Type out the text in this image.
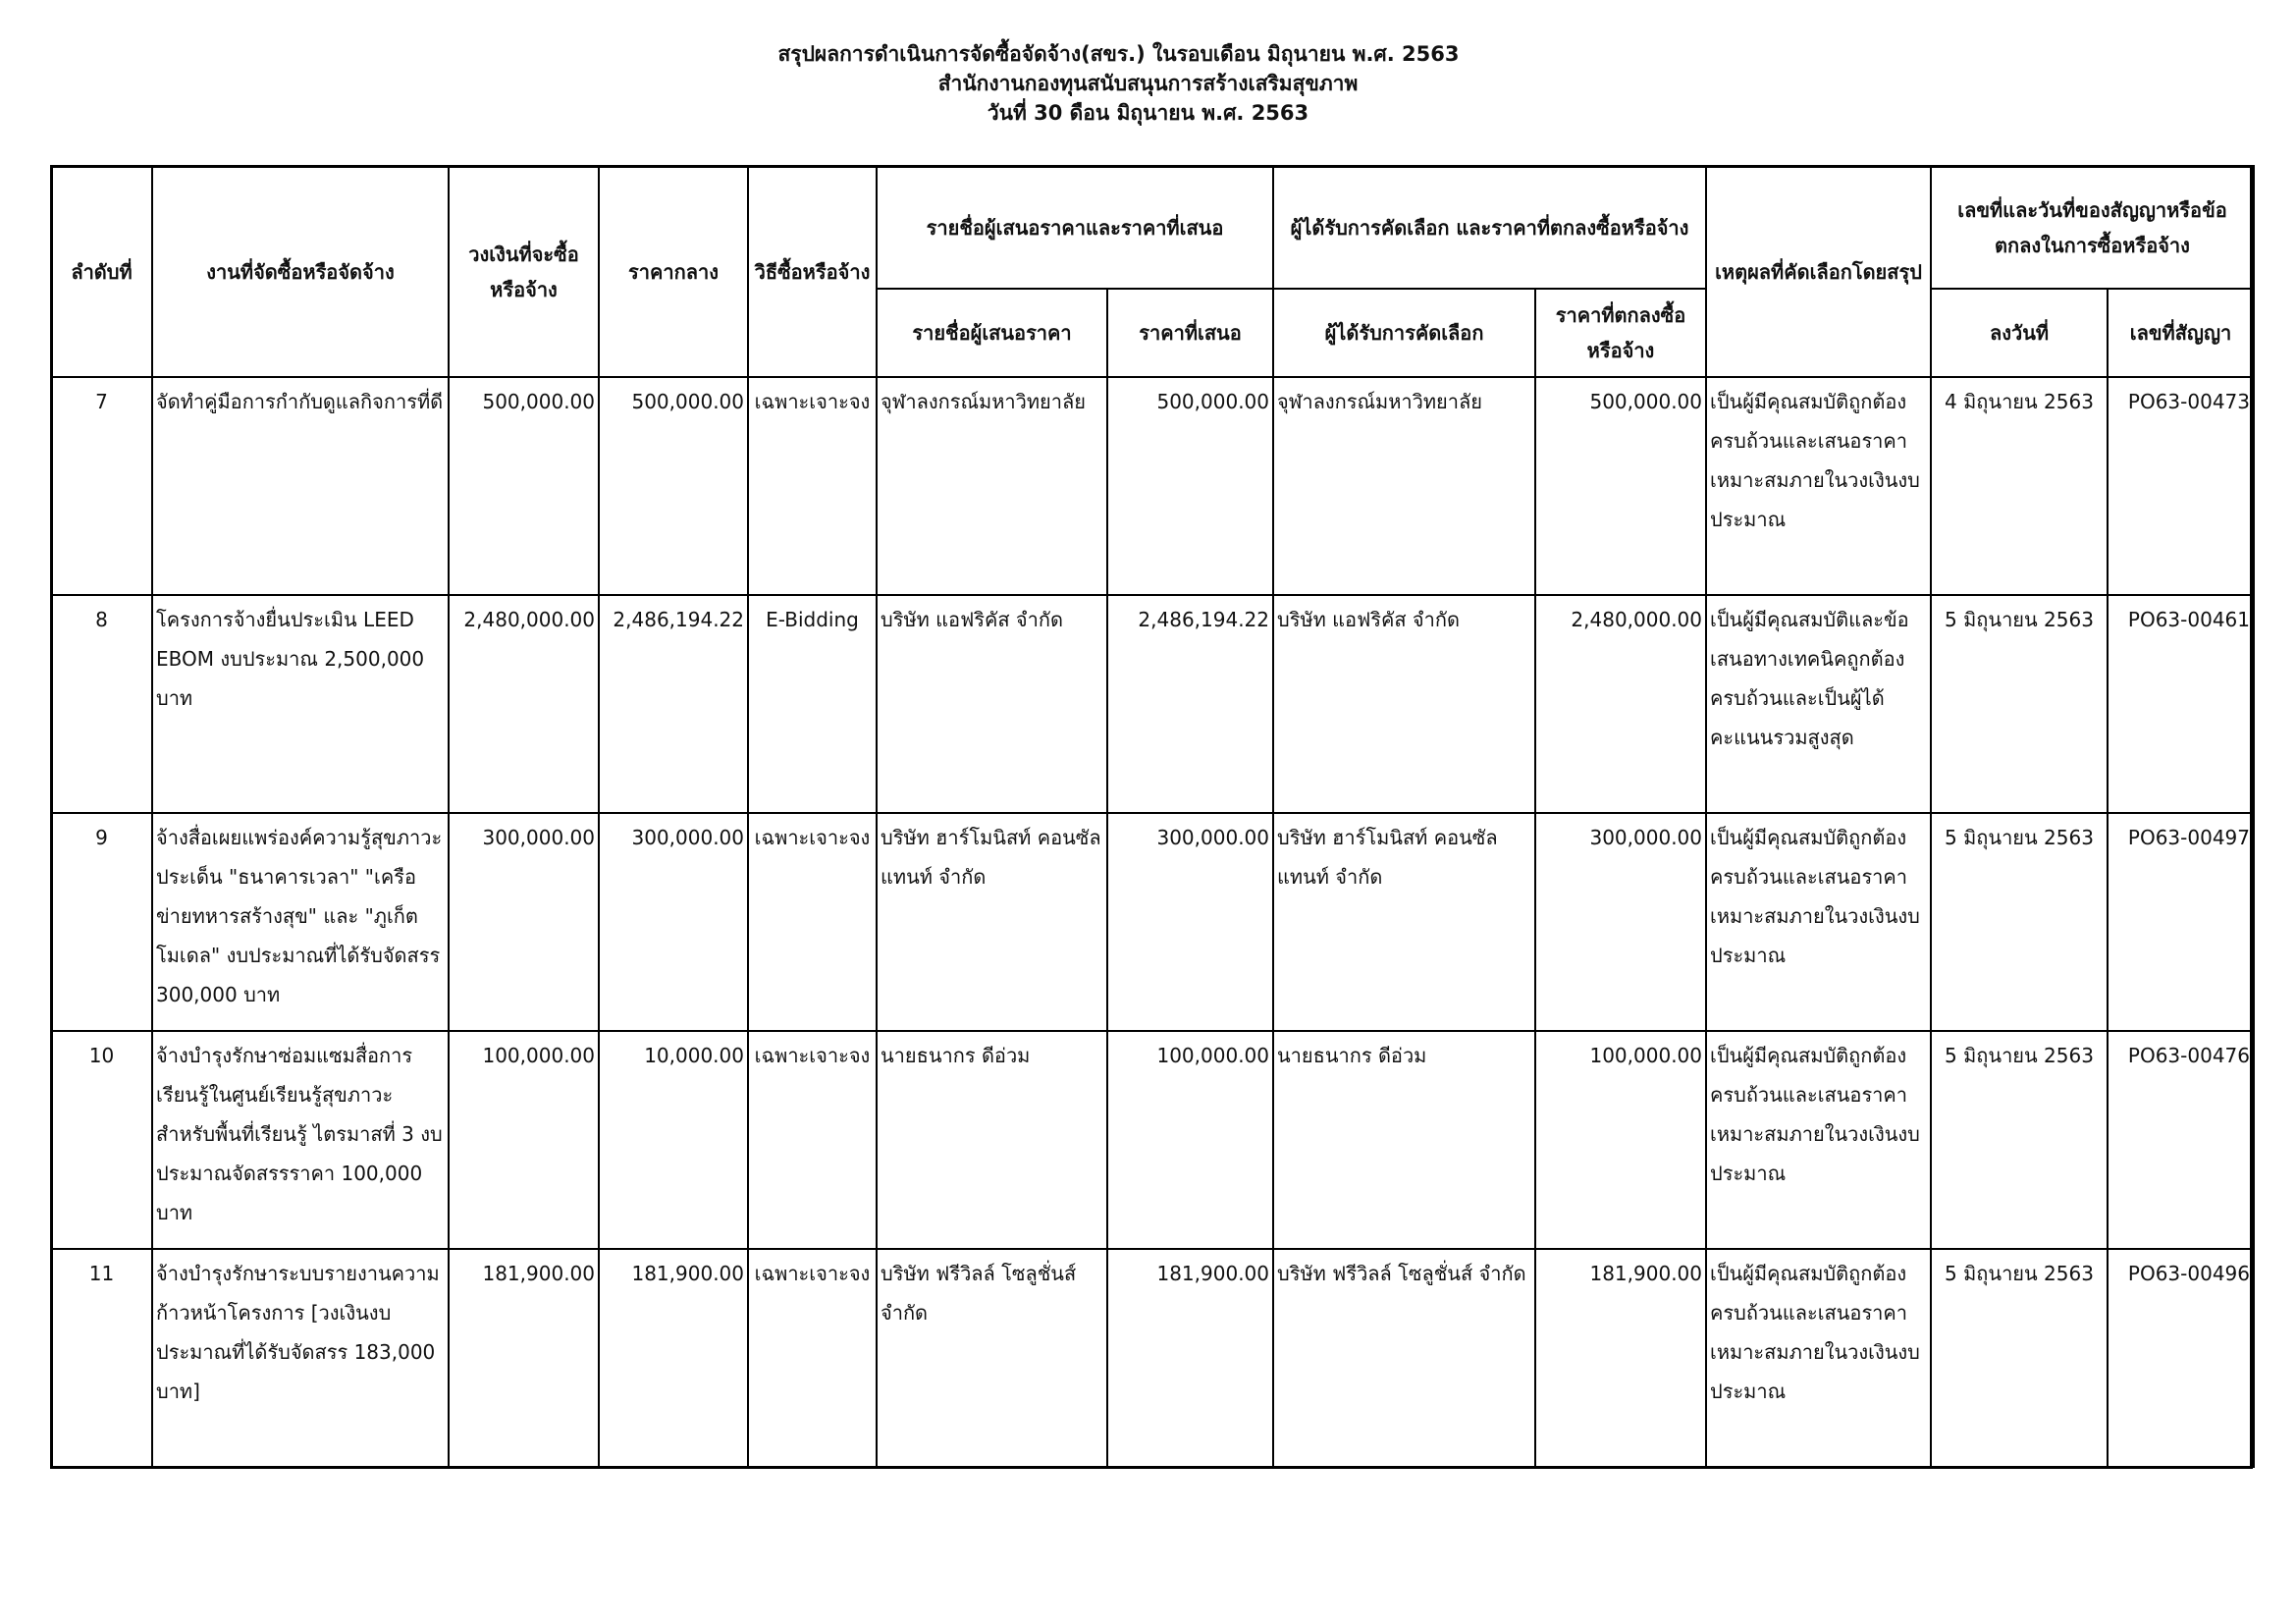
สรุปผลการดำเนินการจัดซื้อจัดจ้าง(สขร.) ในรอบเดือน มิถุนายน พ.ศ. 2563
สำนักงานกองทุนสนับสนุนการสร้างเสริมสุขภาพ
วันที่ 30 ดือน มิถุนายน พ.ศ. 2563
ลำดับที่	งานที่จัดซื้อหรือจัดจ้าง	วงเงินที่จะซื้อหรือจ้าง	ราคากลาง	วิธีซื้อหรือจ้าง	รายชื่อผู้เสนอราคาและราคาที่เสนอ		ผู้ได้รับการคัดเลือก และราคาที่ตกลงซื้อหรือจ้าง		เหตุผลที่คัดเลือกโดยสรุป	เลขที่และวันที่ของสัญญาหรือข้อตกลงในการซื้อหรือจ้าง	
					รายชื่อผู้เสนอราคา	ราคาที่เสนอ	ผู้ได้รับการคัดเลือก	ราคาที่ตกลงซื้อหรือจ้าง		ลงวันที่	เลขที่สัญญา
7	จัดทำคู่มือการกำกับดูแลกิจการที่ดี	500,000.00	500,000.00	เฉพาะเจาะจง	จุฬาลงกรณ์มหาวิทยาลัย	500,000.00	จุฬาลงกรณ์มหาวิทยาลัย	500,000.00	เป็นผู้มีคุณสมบัติถูกต้องครบถ้วนและเสนอราคาเหมาะสมภายในวงเงินงบประมาณ	4 มิถุนายน 2563	PO63-00473
8	โครงการจ้างยื่นประเมิน LEED EBOM งบประมาณ 2,500,000 บาท	2,480,000.00	2,486,194.22	E-Bidding	บริษัท แอฟริคัส จำกัด	2,486,194.22	บริษัท แอฟริคัส จำกัด	2,480,000.00	เป็นผู้มีคุณสมบัติและข้อเสนอทางเทคนิคถูกต้องครบถ้วนและเป็นผู้ได้คะแนนรวมสูงสุด	5 มิถุนายน 2563	PO63-00461
9	จ้างสื่อเผยแพร่องค์ความรู้สุขภาวะ ประเด็น "ธนาคารเวลา" "เครือข่ายทหารสร้างสุข" และ "ภูเก็ตโมเดล" งบประมาณที่ได้รับจัดสรร 300,000 บาท	300,000.00	300,000.00	เฉพาะเจาะจง	บริษัท ฮาร์โมนิสท์ คอนซัลแทนท์ จำกัด	300,000.00	บริษัท ฮาร์โมนิสท์ คอนซัลแทนท์ จำกัด	300,000.00	เป็นผู้มีคุณสมบัติถูกต้องครบถ้วนและเสนอราคาเหมาะสมภายในวงเงินงบประมาณ	5 มิถุนายน 2563	PO63-00497
10	จ้างบำรุงรักษาซ่อมแซมสื่อการเรียนรู้ในศูนย์เรียนรู้สุขภาวะ สำหรับพื้นที่เรียนรู้ ไตรมาสที่ 3 งบประมาณจัดสรรราคา 100,000 บาท	100,000.00	10,000.00	เฉพาะเจาะจง	นายธนากร ดีอ่วม	100,000.00	นายธนากร ดีอ่วม	100,000.00	เป็นผู้มีคุณสมบัติถูกต้องครบถ้วนและเสนอราคาเหมาะสมภายในวงเงินงบประมาณ	5 มิถุนายน 2563	PO63-00476
11	จ้างบำรุงรักษาระบบรายงานความก้าวหน้าโครงการ [วงเงินงบประมาณที่ได้รับจัดสรร 183,000 บาท]	181,900.00	181,900.00	เฉพาะเจาะจง	บริษัท ฟรีวิลล์ โซลูชั่นส์ จำกัด	181,900.00	บริษัท ฟรีวิลล์ โซลูชั่นส์ จำกัด	181,900.00	เป็นผู้มีคุณสมบัติถูกต้องครบถ้วนและเสนอราคาเหมาะสมภายในวงเงินงบประมาณ	5 มิถุนายน 2563	PO63-00496
